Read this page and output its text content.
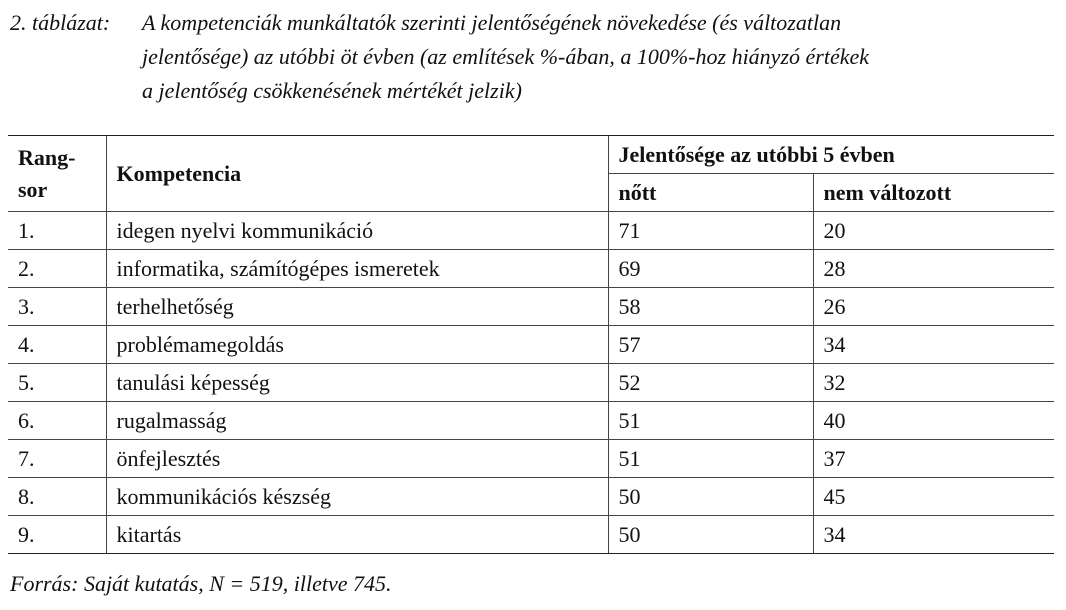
2. táblázat: A kompetenciák munkáltatók szerinti jelentőségének növekedése (és változatlan
jelentősége) az utóbbi öt évben (az említések %-ában, a 100%-hoz hiányzó értékek
a jelentőség csökkenésének mértékét jelzik)
Rang-
sor	Kompetencia	Jelentősége az utóbbi 5 évben	
		nőtt	nem változott
1.	idegen nyelvi kommunikáció	71	20
2.	informatika, számítógépes ismeretek	69	28
3.	terhelhetőség	58	26
4.	problémamegoldás	57	34
5.	tanulási képesség	52	32
6.	rugalmasság	51	40
7.	önfejlesztés	51	37
8.	kommunikációs készség	50	45
9.	kitartás	50	34
Forrás: Saját kutatás, N = 519, illetve 745.
